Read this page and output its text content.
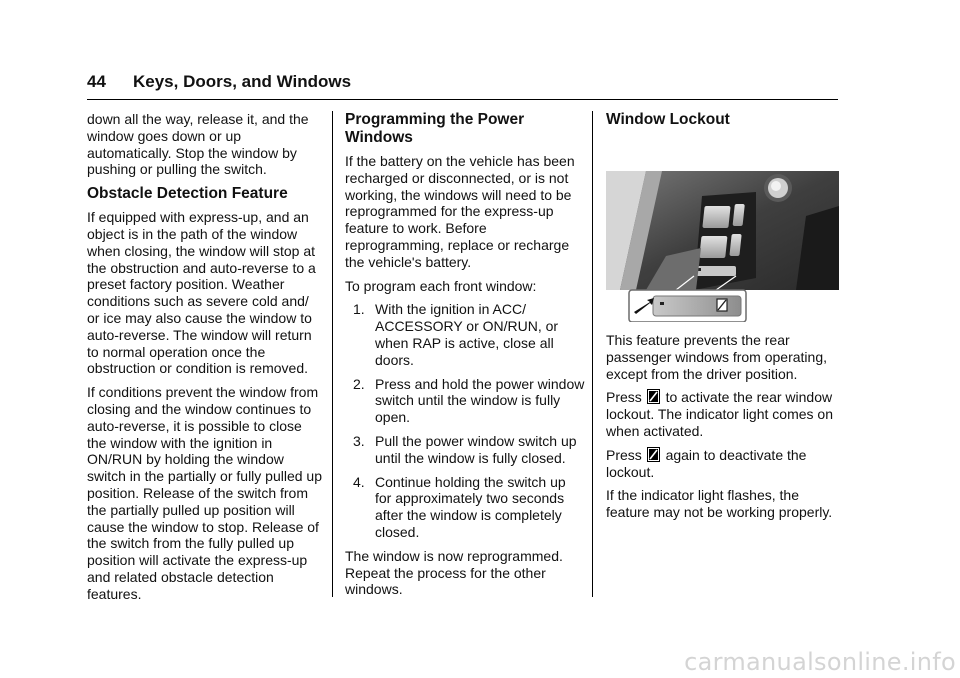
44 Keys, Doors, and Windows

down all the way, release it, and the window goes down or up automatically. Stop the window by pushing or pulling the switch.

Obstacle Detection Feature

If equipped with express-up, and an object is in the path of the window when closing, the window will stop at the obstruction and auto-reverse to a preset factory position. Weather conditions such as severe cold and/ or ice may also cause the window to auto-reverse. The window will return to normal operation once the obstruction or condition is removed.

If conditions prevent the window from closing and the window continues to auto-reverse, it is possible to close the window with the ignition in ON/RUN by holding the window switch in the partially or fully pulled up position. Release of the switch from the partially pulled up position will cause the window to stop. Release of the switch from the fully pulled up position will activate the express-up and related obstacle detection features.

Programming the Power Windows

If the battery on the vehicle has been recharged or disconnected, or is not working, the windows will need to be reprogrammed for the express-up feature to work. Before reprogramming, replace or recharge the vehicle's battery.

To program each front window:

1. With the ignition in ACC/ ACCESSORY or ON/RUN, or when RAP is active, close all doors.
2. Press and hold the power window switch until the window is fully open.
3. Pull the power window switch up until the window is fully closed.
4. Continue holding the switch up for approximately two seconds after the window is completely closed.

The window is now reprogrammed. Repeat the process for the other windows.

Window Lockout

This feature prevents the rear passenger windows from operating, except from the driver position.

Press to activate the rear window lockout. The indicator light comes on when activated.

Press again to deactivate the lockout.

If the indicator light flashes, the feature may not be working properly.

carmanualsonline.info
